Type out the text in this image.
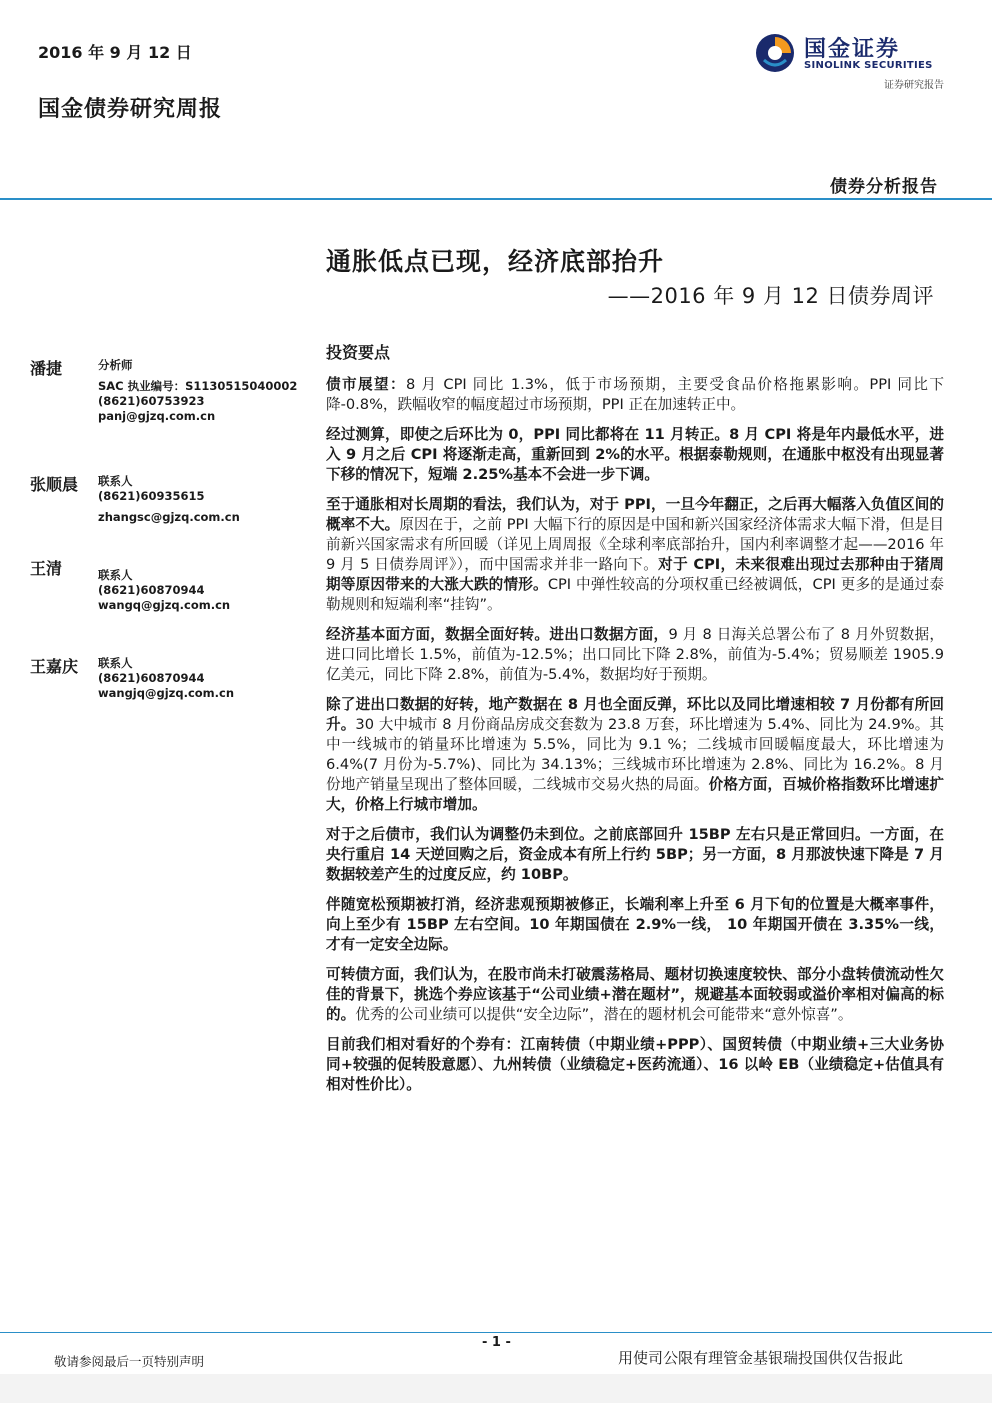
2016 年 9 月 12 日
国金债券研究周报
国金证券
SINOLINK SECURITIES
证券研究报告
债券分析报告
通胀低点已现，经济底部抬升
——2016 年 9 月 12 日债券周评
潘捷	分析师
SAC 执业编号：S1130515040002
(8621)60753923
panj@gjzq.com.cn
张顺晨 联系人
(8621)60935615
zhangsc@gjzq.com.cn
王清	联系人
(8621)60870944
wangq@gjzq.com.cn
王嘉庆 联系人
(8621)60870944
wangjq@gjzq.com.cn
投资要点

债市展望：8 月 CPI 同比 1.3%，低于市场预期，主要受食品价格拖累影响。PPI 同比下降-0.8%，跌幅收窄的幅度超过市场预期，PPI 正在加速转正中。

经过测算，即使之后环比为 0，PPI 同比都将在 11 月转正。8 月 CPI 将是年内最低水平，进入 9 月之后 CPI 将逐渐走高，重新回到 2%的水平。根据泰勒规则，在通胀中枢没有出现显著下移的情况下，短端 2.25%基本不会进一步下调。

至于通胀相对长周期的看法，我们认为，对于 PPI，一旦今年翻正，之后再大幅落入负值区间的概率不大。原因在于，之前 PPI 大幅下行的原因是中国和新兴国家经济体需求大幅下滑，但是目前新兴国家需求有所回暖（详见上周周报《全球利率底部抬升，国内利率调整才起——2016 年 9 月 5 日债券周评》），而中国需求并非一路向下。对于 CPI，未来很难出现过去那种由于猪周期等原因带来的大涨大跌的情形。CPI 中弹性较高的分项权重已经被调低，CPI 更多的是通过泰勒规则和短端利率“挂钩”。

经济基本面方面，数据全面好转。进出口数据方面，9 月 8 日海关总署公布了 8 月外贸数据，进口同比增长 1.5%，前值为-12.5%；出口同比下降 2.8%，前值为-5.4%；贸易顺差 1905.9 亿美元，同比下降 2.8%，前值为-5.4%，数据均好于预期。

除了进出口数据的好转，地产数据在 8 月也全面反弹，环比以及同比增速相较 7 月份都有所回升。30 大中城市 8 月份商品房成交套数为 23.8 万套，环比增速为 5.4%、同比为 24.9%。其中一线城市的销量环比增速为 5.5%，同比为 9.1 %；二线城市回暖幅度最大，环比增速为 6.4%(7 月份为-5.7%)、同比为 34.13%；三线城市环比增速为 2.8%、同比为 16.2%。8 月份地产销量呈现出了整体回暖，二线城市交易火热的局面。价格方面，百城价格指数环比增速扩大，价格上行城市增加。

对于之后债市，我们认为调整仍未到位。之前底部回升 15BP 左右只是正常回归。一方面，在央行重启 14 天逆回购之后，资金成本有所上行约 5BP；另一方面，8 月那波快速下降是 7 月数据较差产生的过度反应，约 10BP。

伴随宽松预期被打消，经济悲观预期被修正，长端利率上升至 6 月下旬的位置是大概率事件，向上至少有 15BP 左右空间。10 年期国债在 2.9%一线， 10 年期国开债在 3.35%一线，才有一定安全边际。

可转债方面，我们认为，在股市尚未打破震荡格局、题材切换速度较快、部分小盘转债流动性欠佳的背景下，挑选个券应该基于“公司业绩+潜在题材”，规避基本面较弱或溢价率相对偏高的标的。优秀的公司业绩可以提供“安全边际”，潜在的题材机会可能带来“意外惊喜”。

目前我们相对看好的个券有：江南转债（中期业绩+PPP）、国贸转债（中期业绩+三大业务协同+较强的促转股意愿）、九州转债（业绩稳定+医药流通）、16 以岭 EB（业绩稳定+估值具有相对性价比）。

- 1 -
敬请参阅最后一页特别声明	用使司公限有理管金基银瑞投国供仅告报此
